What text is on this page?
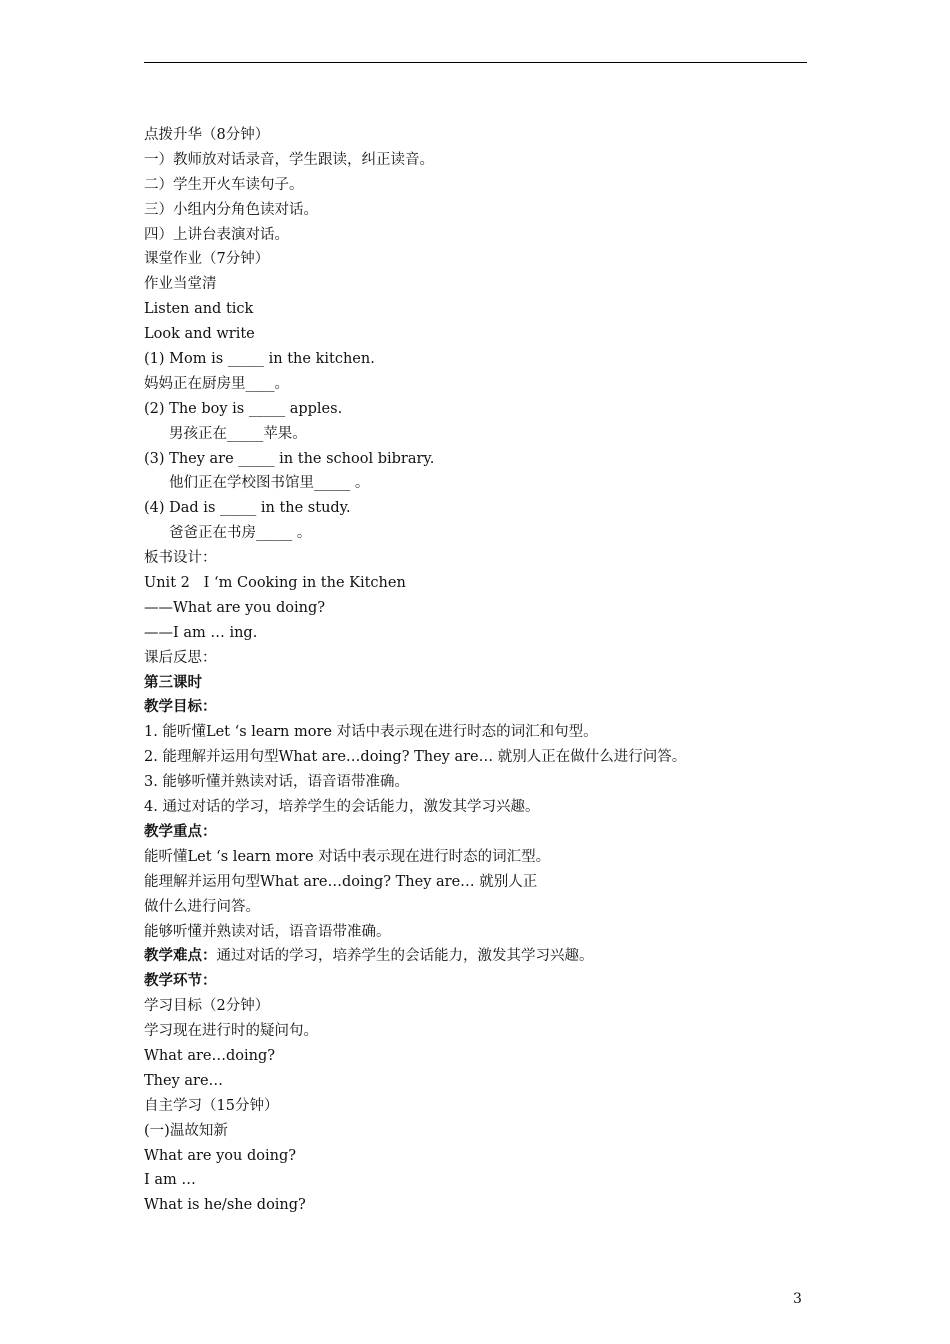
点拨升华（8分钟）
一）教师放对话录音，学生跟读，纠正读音。
二）学生开火车读句子。
三）小组内分角色读对话。
四）上讲台表演对话。
课堂作业（7分钟）
作业当堂清
Listen and tick
Look and write
(1) Mom is _____ in the kitchen.
妈妈正在厨房里____。
(2) The boy is _____ apples.
男孩正在_____苹果。
(3) They are _____ in the school bibrary.
他们正在学校图书馆里_____ 。
(4) Dad is _____ in the study.
爸爸正在书房_____ 。
板书设计：
Unit 2   I ‘m Cooking in the Kitchen
——What are you doing?
——I am … ing.
课后反思：
第三课时
教学目标：
1. 能听懂Let ‘s learn more 对话中表示现在进行时态的词汇和句型。
2. 能理解并运用句型What are…doing? They are… 就别人正在做什么进行问答。
3. 能够听懂并熟读对话，语音语带准确。
4. 通过对话的学习，培养学生的会话能力，激发其学习兴趣。
教学重点：
能听懂Let ‘s learn more 对话中表示现在进行时态的词汇型。
能理解并运用句型What are…doing? They are… 就别人正
做什么进行问答。
能够听懂并熟读对话，语音语带准确。
教学难点：通过对话的学习，培养学生的会话能力，激发其学习兴趣。
教学环节：
学习目标（2分钟）
学习现在进行时的疑问句。
What are…doing?
They are…
自主学习（15分钟）
(一)温故知新
What are you doing?
I am …
What is he/she doing?
3
